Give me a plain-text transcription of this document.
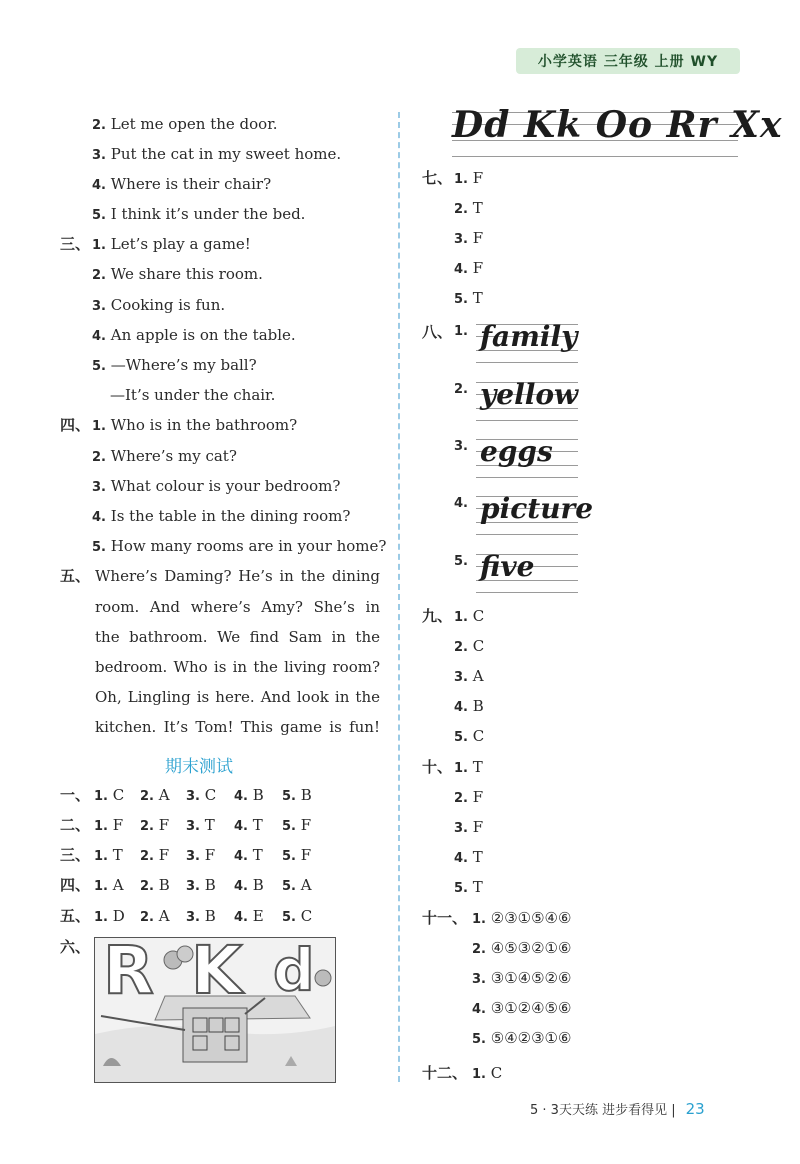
小学英语 三年级 上册 WY
2. Let me open the door.
3. Put the cat in my sweet home.
4. Where is their chair?
5. I think it’s under the bed.
三、 1. Let’s play a game!
2. We share this room.
3. Cooking is fun.
4. An apple is on the table.
5. —Where’s my ball?
—It’s under the chair.
四、 1. Who is in the bathroom?
2. Where’s my cat?
3. What colour is your bedroom?
4. Is the table in the dining room?
5. How many rooms are in your home?
五、 Where’s Daming? He’s in the dining
room. And where’s Amy? She’s in
the bathroom. We find Sam in the
bedroom. Who is in the living room?
Oh, Lingling is here. And look in the
kitchen. It’s Tom! This game is fun!
期末测试
一、 1. C 2. A 3. C 4. B 5. B
二、 1. F 2. F 3. T 4. T 5. F
三、 1. T 2. F 3. F 4. T 5. F
四、 1. A 2. B 3. B 4. B 5. A
五、 1. D 2. A 3. B 4. E 5. C
六、 R K d
Dd Kk Oo Rr Xx
七、 1. F
2. T
3. F
4. F
5. T
九、 1. C
2. C
3. A
4. B
5. C
十、 1. T
2. F
3. F
4. T
5. T
十一、 1. ②③①⑤④⑥
2. ④⑤③②①⑥
3. ③①④⑤②⑥
4. ③①②④⑤⑥
5. ⑤④②③①⑥
十二、 1. C
八、 1. family
2. yellow
3. eggs
4. picture
5. five
5 · 3天天练 进步看得见 | 23
